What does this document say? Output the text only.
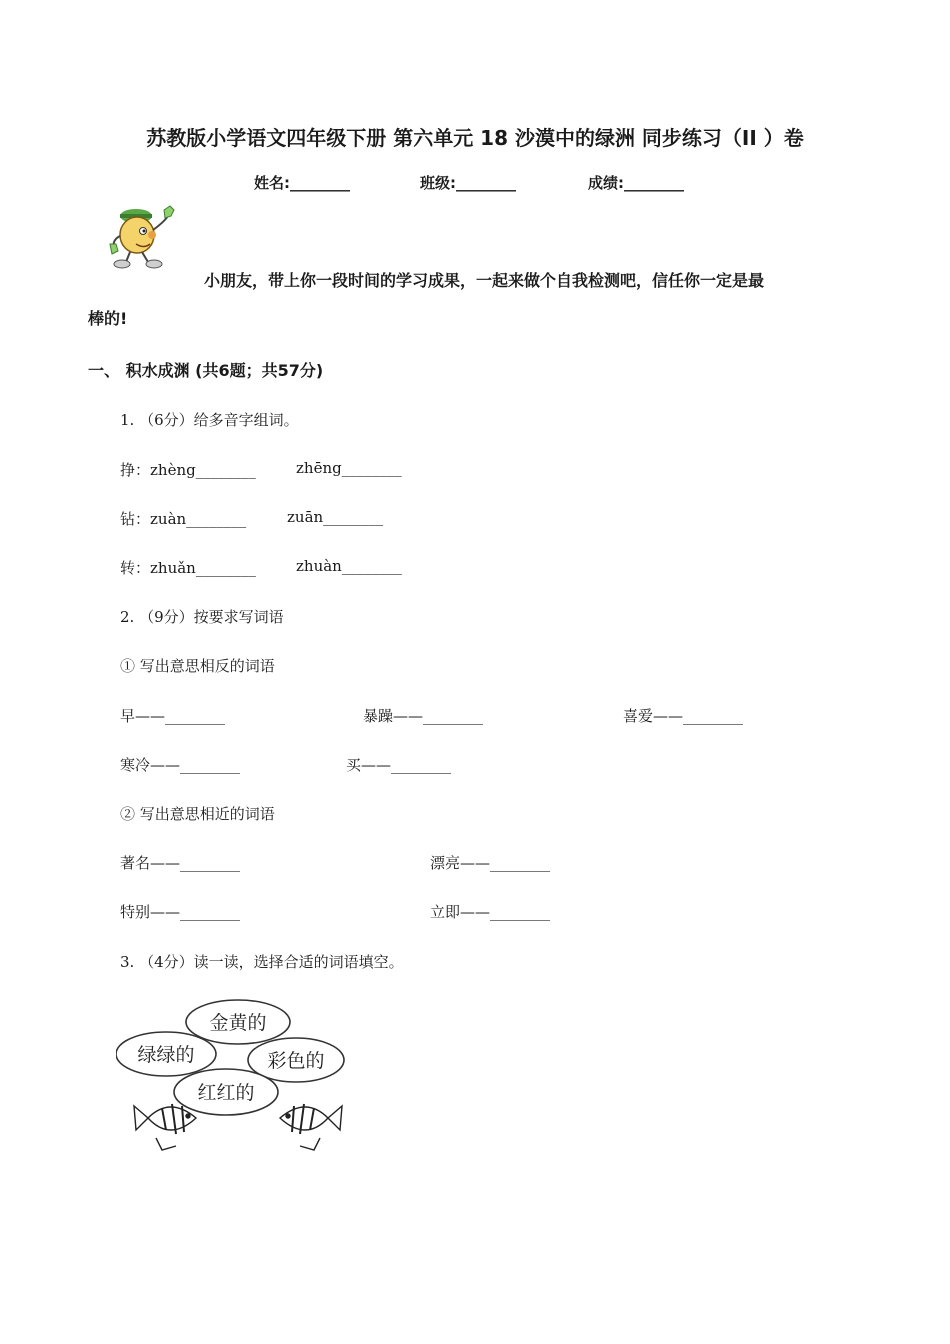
苏教版小学语文四年级下册 第六单元 18 沙漠中的绿洲 同步练习（II ）卷
姓名:________	班级:________	成绩:________
小朋友，带上你一段时间的学习成果，一起来做个自我检测吧，信任你一定是最
棒的!
一、 积水成渊 (共6题；共57分)
1. （6分）给多音字组词。
挣：zhèng________	zhēng________
钻：zuàn________	zuān________
转：zhuǎn________	zhuàn________
2. （9分）按要求写词语
① 写出意思相反的词语
早——________	暴躁——________	喜爱——________
寒冷——________	买——________
② 写出意思相近的词语
著名——________	漂亮——________
特别——________	立即——________
3. （4分）读一读，选择合适的词语填空。
金黄的
绿绿的	彩色的
红红的
